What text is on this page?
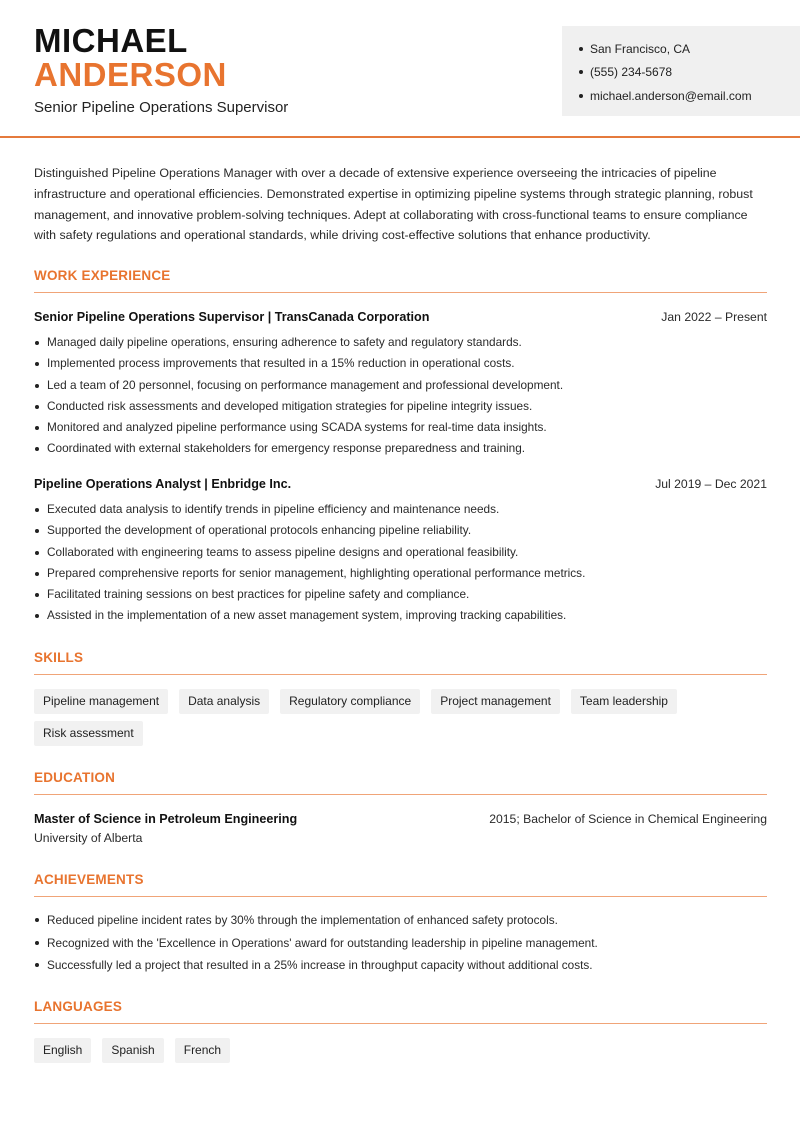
MICHAEL
ANDERSON
Senior Pipeline Operations Supervisor
San Francisco, CA
(555) 234-5678
michael.anderson@email.com
Distinguished Pipeline Operations Manager with over a decade of extensive experience overseeing the intricacies of pipeline infrastructure and operational efficiencies. Demonstrated expertise in optimizing pipeline systems through strategic planning, robust management, and innovative problem-solving techniques. Adept at collaborating with cross-functional teams to ensure compliance with safety regulations and operational standards, while driving cost-effective solutions that enhance productivity.
WORK EXPERIENCE
Senior Pipeline Operations Supervisor | TransCanada Corporation	Jan 2022 – Present
Managed daily pipeline operations, ensuring adherence to safety and regulatory standards.
Implemented process improvements that resulted in a 15% reduction in operational costs.
Led a team of 20 personnel, focusing on performance management and professional development.
Conducted risk assessments and developed mitigation strategies for pipeline integrity issues.
Monitored and analyzed pipeline performance using SCADA systems for real-time data insights.
Coordinated with external stakeholders for emergency response preparedness and training.
Pipeline Operations Analyst | Enbridge Inc.	Jul 2019 – Dec 2021
Executed data analysis to identify trends in pipeline efficiency and maintenance needs.
Supported the development of operational protocols enhancing pipeline reliability.
Collaborated with engineering teams to assess pipeline designs and operational feasibility.
Prepared comprehensive reports for senior management, highlighting operational performance metrics.
Facilitated training sessions on best practices for pipeline safety and compliance.
Assisted in the implementation of a new asset management system, improving tracking capabilities.
SKILLS
Pipeline management	Data analysis	Regulatory compliance	Project management	Team leadership
Risk assessment
EDUCATION
Master of Science in Petroleum Engineering	2015; Bachelor of Science in Chemical Engineering
University of Alberta
ACHIEVEMENTS
Reduced pipeline incident rates by 30% through the implementation of enhanced safety protocols.
Recognized with the 'Excellence in Operations' award for outstanding leadership in pipeline management.
Successfully led a project that resulted in a 25% increase in throughput capacity without additional costs.
LANGUAGES
English	Spanish	French
